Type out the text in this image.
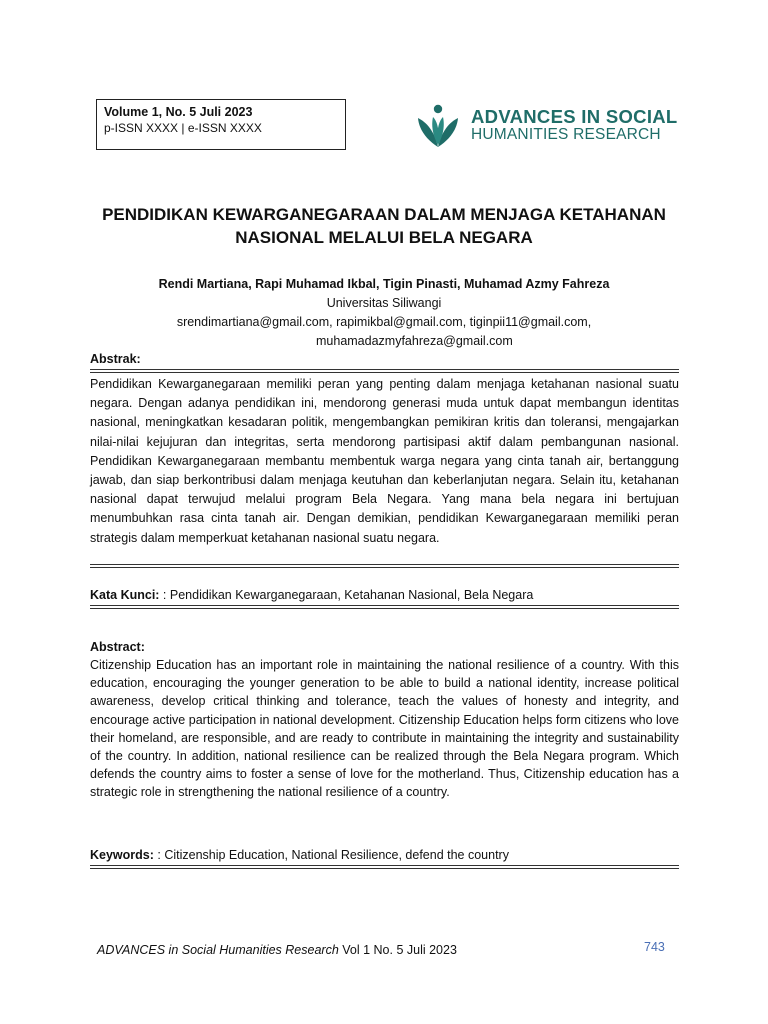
Volume 1, No. 5 Juli 2023
p-ISSN XXXX | e-ISSN XXXX
ADVANCES IN SOCIAL
HUMANITIES RESEARCH
PENDIDIKAN KEWARGANEGARAAN DALAM MENJAGA KETAHANAN
NASIONAL MELALUI BELA NEGARA
Rendi Martiana, Rapi Muhamad Ikbal, Tigin Pinasti, Muhamad Azmy Fahreza
Universitas Siliwangi
srendimartiana@gmail.com, rapimikbal@gmail.com, tiginpii11@gmail.com,
muhamadazmyfahreza@gmail.com
Abstrak:
Pendidikan Kewarganegaraan memiliki peran yang penting dalam menjaga ketahanan nasional suatu negara. Dengan adanya pendidikan ini, mendorong generasi muda untuk dapat membangun identitas nasional, meningkatkan kesadaran politik, mengembangkan pemikiran kritis dan toleransi, mengajarkan nilai-nilai kejujuran dan integritas, serta mendorong partisipasi aktif dalam pembangunan nasional. Pendidikan Kewarganegaraan membantu membentuk warga negara yang cinta tanah air, bertanggung jawab, dan siap berkontribusi dalam menjaga keutuhan dan keberlanjutan negara. Selain itu, ketahanan nasional dapat terwujud melalui program Bela Negara. Yang mana bela negara ini bertujuan menumbuhkan rasa cinta tanah air. Dengan demikian, pendidikan Kewarganegaraan memiliki peran strategis dalam memperkuat ketahanan nasional suatu negara.
Kata Kunci: : Pendidikan Kewarganegaraan, Ketahanan Nasional, Bela Negara
Abstract:
Citizenship Education has an important role in maintaining the national resilience of a country. With this education, encouraging the younger generation to be able to build a national identity, increase political awareness, develop critical thinking and tolerance, teach the values of honesty and integrity, and encourage active participation in national development. Citizenship Education helps form citizens who love their homeland, are responsible, and are ready to contribute in maintaining the integrity and sustainability of the country. In addition, national resilience can be realized through the Bela Negara program. Which defends the country aims to foster a sense of love for the motherland. Thus, Citizenship education has a strategic role in strengthening the national resilience of a country.
Keywords: : Citizenship Education, National Resilience, defend the country
ADVANCES in Social Humanities Research Vol 1 No. 5 Juli 2023	743
